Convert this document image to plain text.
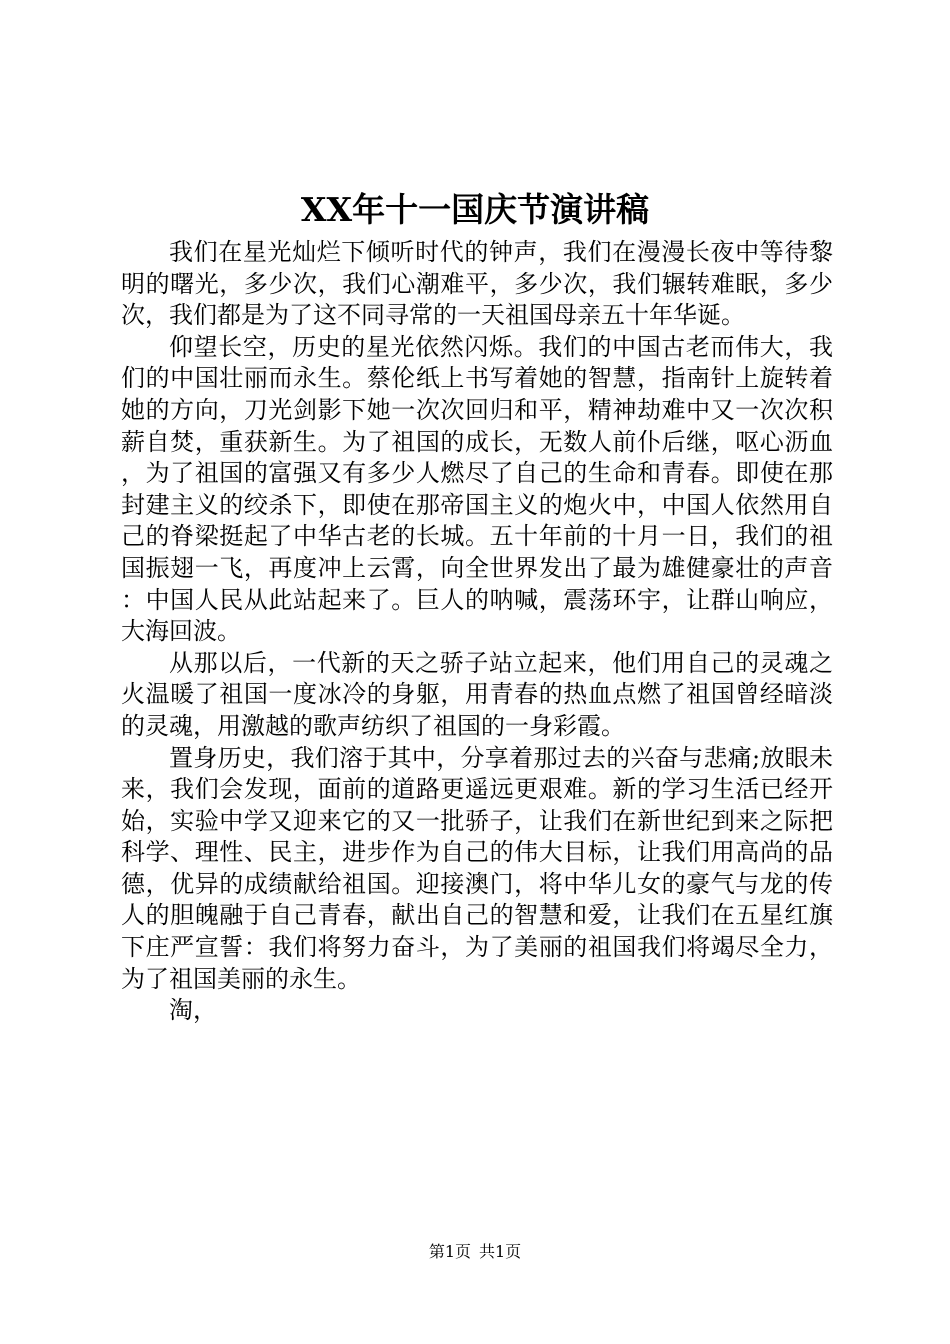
XX年十一国庆节演讲稿

我们在星光灿烂下倾听时代的钟声，我们在漫漫长夜中等待黎明的曙光，多少次，我们心潮难平，多少次，我们辗转难眠，多少次，我们都是为了这不同寻常的一天祖国母亲五十年华诞。

仰望长空，历史的星光依然闪烁。我们的中国古老而伟大，我们的中国壮丽而永生。蔡伦纸上书写着她的智慧，指南针上旋转着她的方向，刀光剑影下她一次次回归和平，精神劫难中又一次次积薪自焚，重获新生。为了祖国的成长，无数人前仆后继，呕心沥血，为了祖国的富强又有多少人燃尽了自己的生命和青春。即使在那封建主义的绞杀下，即使在那帝国主义的炮火中，中国人依然用自己的脊梁挺起了中华古老的长城。五十年前的十月一日，我们的祖国振翅一飞，再度冲上云霄，向全世界发出了最为雄健豪壮的声音：中国人民从此站起来了。巨人的呐喊，震荡环宇，让群山响应，大海回波。

从那以后，一代新的天之骄子站立起来，他们用自己的灵魂之火温暖了祖国一度冰冷的身躯，用青春的热血点燃了祖国曾经暗淡的灵魂，用激越的歌声纺织了祖国的一身彩霞。

置身历史，我们溶于其中，分享着那过去的兴奋与悲痛;放眼未来，我们会发现，面前的道路更遥远更艰难。新的学习生活已经开始，实验中学又迎来它的又一批骄子，让我们在新世纪到来之际把科学、理性、民主，进步作为自己的伟大目标，让我们用高尚的品德，优异的成绩献给祖国。迎接澳门，将中华儿女的豪气与龙的传人的胆魄融于自己青春，献出自己的智慧和爱，让我们在五星红旗下庄严宣誓：我们将努力奋斗，为了美丽的祖国我们将竭尽全力，为了祖国美丽的永生。

淘，

第1页 共1页
